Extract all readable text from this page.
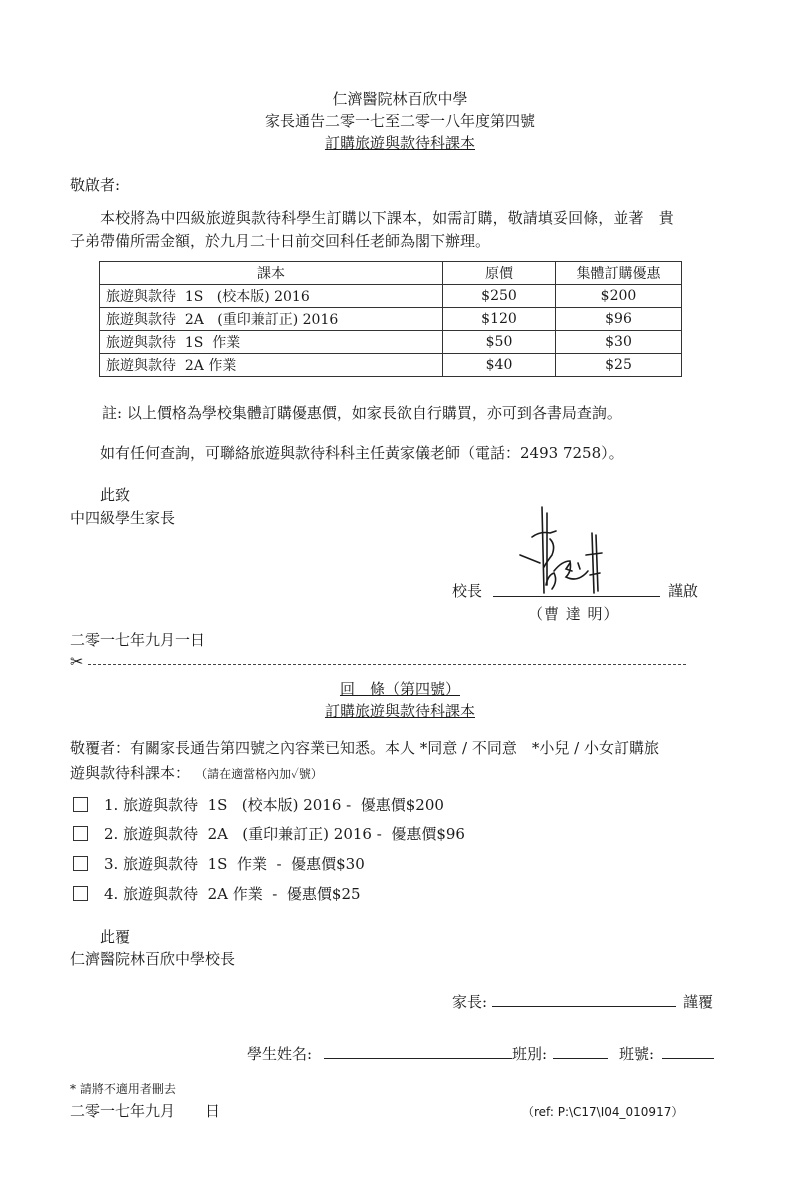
仁濟醫院林百欣中學
家長通告二零一七至二零一八年度第四號
訂購旅遊與款待科課本
敬啟者:
本校將為中四級旅遊與款待科學生訂購以下課本，如需訂購，敬請填妥回條，並著　貴
子弟帶備所需金額，於九月二十日前交回科任老師為閣下辦理。
課本	原價	集體訂購優惠
旅遊與款待  1S   (校本版) 2016	$250	$200
旅遊與款待  2A   (重印兼訂正) 2016	$120	$96
旅遊與款待  1S  作業	$50	$30
旅遊與款待  2A 作業	$40	$25
註: 以上價格為學校集體訂購優惠價，如家長欲自行購買，亦可到各書局查詢。
如有任何查詢，可聯絡旅遊與款待科科主任黃家儀老師（電話：2493 7258）。
此致
中四級學生家長
校長	謹啟
（曹 達 明）
二零一七年九月一日
✂
回　條（第四號）
訂購旅遊與款待科課本
敬覆者：有關家長通告第四號之內容業已知悉。本人 *同意 / 不同意　*小兒 / 小女訂購旅
遊與款待科課本： （請在適當格內加✓號）
1. 旅遊與款待  1S   (校本版) 2016 -  優惠價$200
2. 旅遊與款待  2A   (重印兼訂正) 2016 -  優惠價$96
3. 旅遊與款待  1S  作業  -  優惠價$30
4. 旅遊與款待  2A 作業  -  優惠價$25
此覆
仁濟醫院林百欣中學校長
家長:	謹覆
學生姓名:	班別:	班號:
* 請將不適用者刪去
二零一七年九月　　日	（ref: P:\C17\I04_010917）
